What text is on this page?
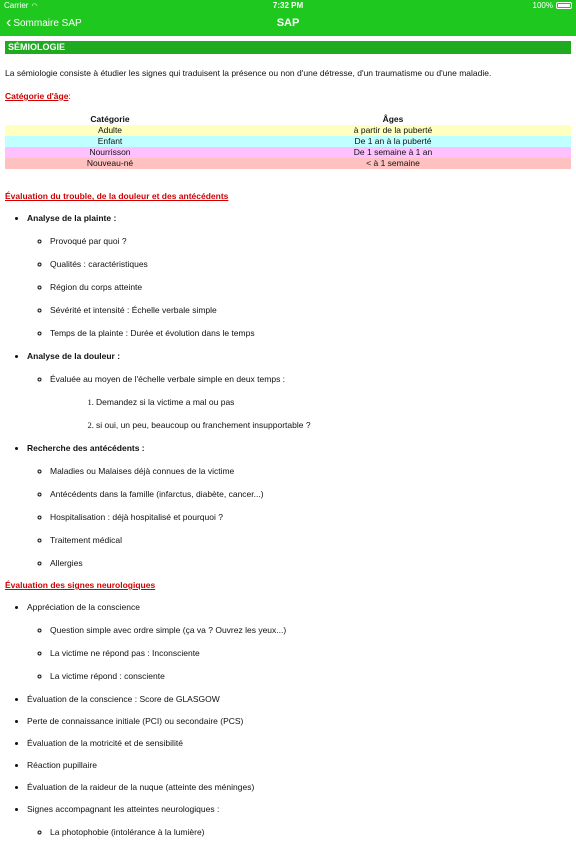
Carrier ◠	7:32 PM	100%
‹ Sommaire SAP	SAP
SÉMIOLOGIE
La sémiologie consiste à étudier les signes qui traduisent la présence ou non d'une détresse, d'un traumatisme ou d'une maladie.
Catégorie d'âge:
Catégorie	Âges
Adulte	à partir de la puberté
Enfant	De 1 an à la puberté
Nourrisson	De 1 semaine à 1 an
Nouveau-né	< à 1 semaine
Évaluation du trouble, de la douleur et des antécédents
• Analyse de la plainte :
◦ Provoqué par quoi ?
◦ Qualités : caractéristiques
◦ Région du corps atteinte
◦ Sévérité et intensité : Échelle verbale simple
◦ Temps de la plainte : Durée et évolution dans le temps
• Analyse de la douleur :
◦ Évaluée au moyen de l'échelle verbale simple en deux temps :
1. Demandez si la victime a mal ou pas
2. si oui, un peu, beaucoup ou franchement insupportable ?
• Recherche des antécédents :
◦ Maladies ou Malaises déjà connues de la victime
◦ Antécédents dans la famille (infarctus, diabète, cancer...)
◦ Hospitalisation : déjà hospitalisé et pourquoi ?
◦ Traitement médical
◦ Allergies
Évaluation des signes neurologiques
• Appréciation de la conscience
◦ Question simple avec ordre simple (ça va ? Ouvrez les yeux...)
◦ La victime ne répond pas : Inconsciente
◦ La victime répond : consciente
• Évaluation de la conscience : Score de GLASGOW
• Perte de connaissance initiale (PCI) ou secondaire (PCS)
• Évaluation de la motricité et de sensibilité
• Réaction pupillaire
• Évaluation de la raideur de la nuque (atteinte des méninges)
• Signes accompagnant les atteintes neurologiques :
◦ La photophobie (intolérance à la lumière)
